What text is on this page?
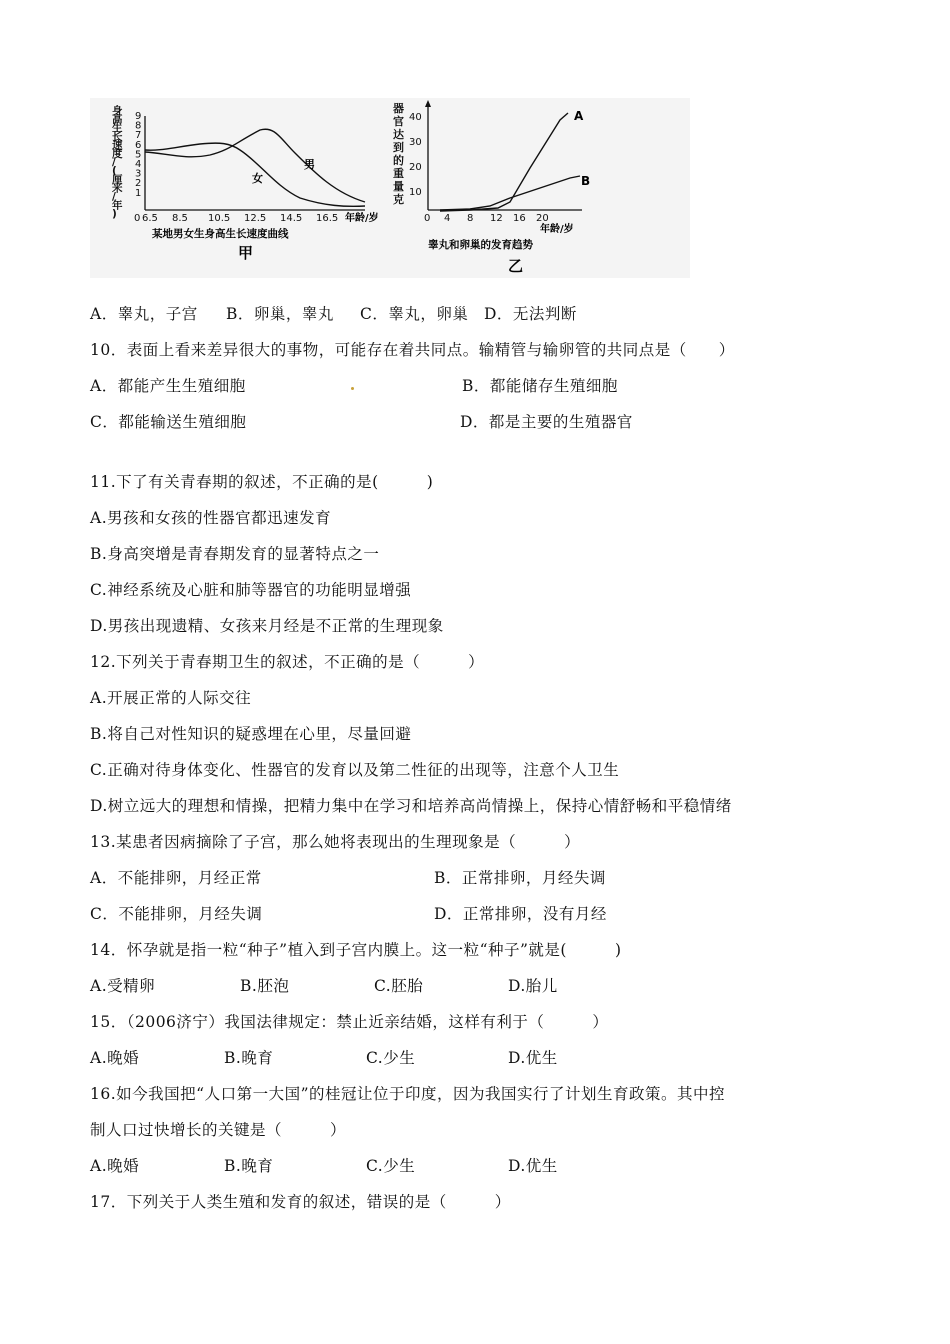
身
高
生
长
速
度
/
(
厘
米
/
年
)
9
8
7
6
5
4
3
2
1
0 6.5 8.5 10.5 12.5 14.5 16.5 年龄/岁
男
女
某地男女生身高生长速度曲线
甲
器
官
达
到
的
重
量
克
40
30
20
10
0 4 8 12 16 20
年龄/岁
A
B
睾丸和卵巢的发育趋势
乙
A．睾丸，子宫 B．卵巢，睾丸 C．睾丸，卵巢 D．无法判断
10．表面上看来差异很大的事物，可能存在着共同点。输精管与输卵管的共同点是（　　）
A．都能产生生殖细胞	B．都能储存生殖细胞
C．都能输送生殖细胞	D．都是主要的生殖器官
11.下了有关青春期的叙述，不正确的是(　　　)
A.男孩和女孩的性器官都迅速发育
B.身高突增是青春期发育的显著特点之一
C.神经系统及心脏和肺等器官的功能明显增强
D.男孩出现遗精、女孩来月经是不正常的生理现象
12.下列关于青春期卫生的叙述，不正确的是（　　　）
A.开展正常的人际交往
B.将自己对性知识的疑惑埋在心里，尽量回避
C.正确对待身体变化、性器官的发育以及第二性征的出现等，注意个人卫生
D.树立远大的理想和情操，把精力集中在学习和培养高尚情操上，保持心情舒畅和平稳情绪
13.某患者因病摘除了子宫，那么她将表现出的生理现象是（　　　）
A．不能排卵，月经正常	B．正常排卵，月经失调
C．不能排卵，月经失调	D．正常排卵，没有月经
14．怀孕就是指一粒“种子”植入到子宫内膜上。这一粒“种子”就是(　　　)
A.受精卵	B.胚泡	C.胚胎	D.胎儿
15．（2006济宁）我国法律规定：禁止近亲结婚，这样有利于（　　　）
A.晚婚	B.晚育	C.少生	D.优生
16.如今我国把“人口第一大国”的桂冠让位于印度，因为我国实行了计划生育政策。其中控
制人口过快增长的关键是（　　　）
A.晚婚	B.晚育	C.少生	D.优生
17．下列关于人类生殖和发育的叙述，错误的是（　　　）
